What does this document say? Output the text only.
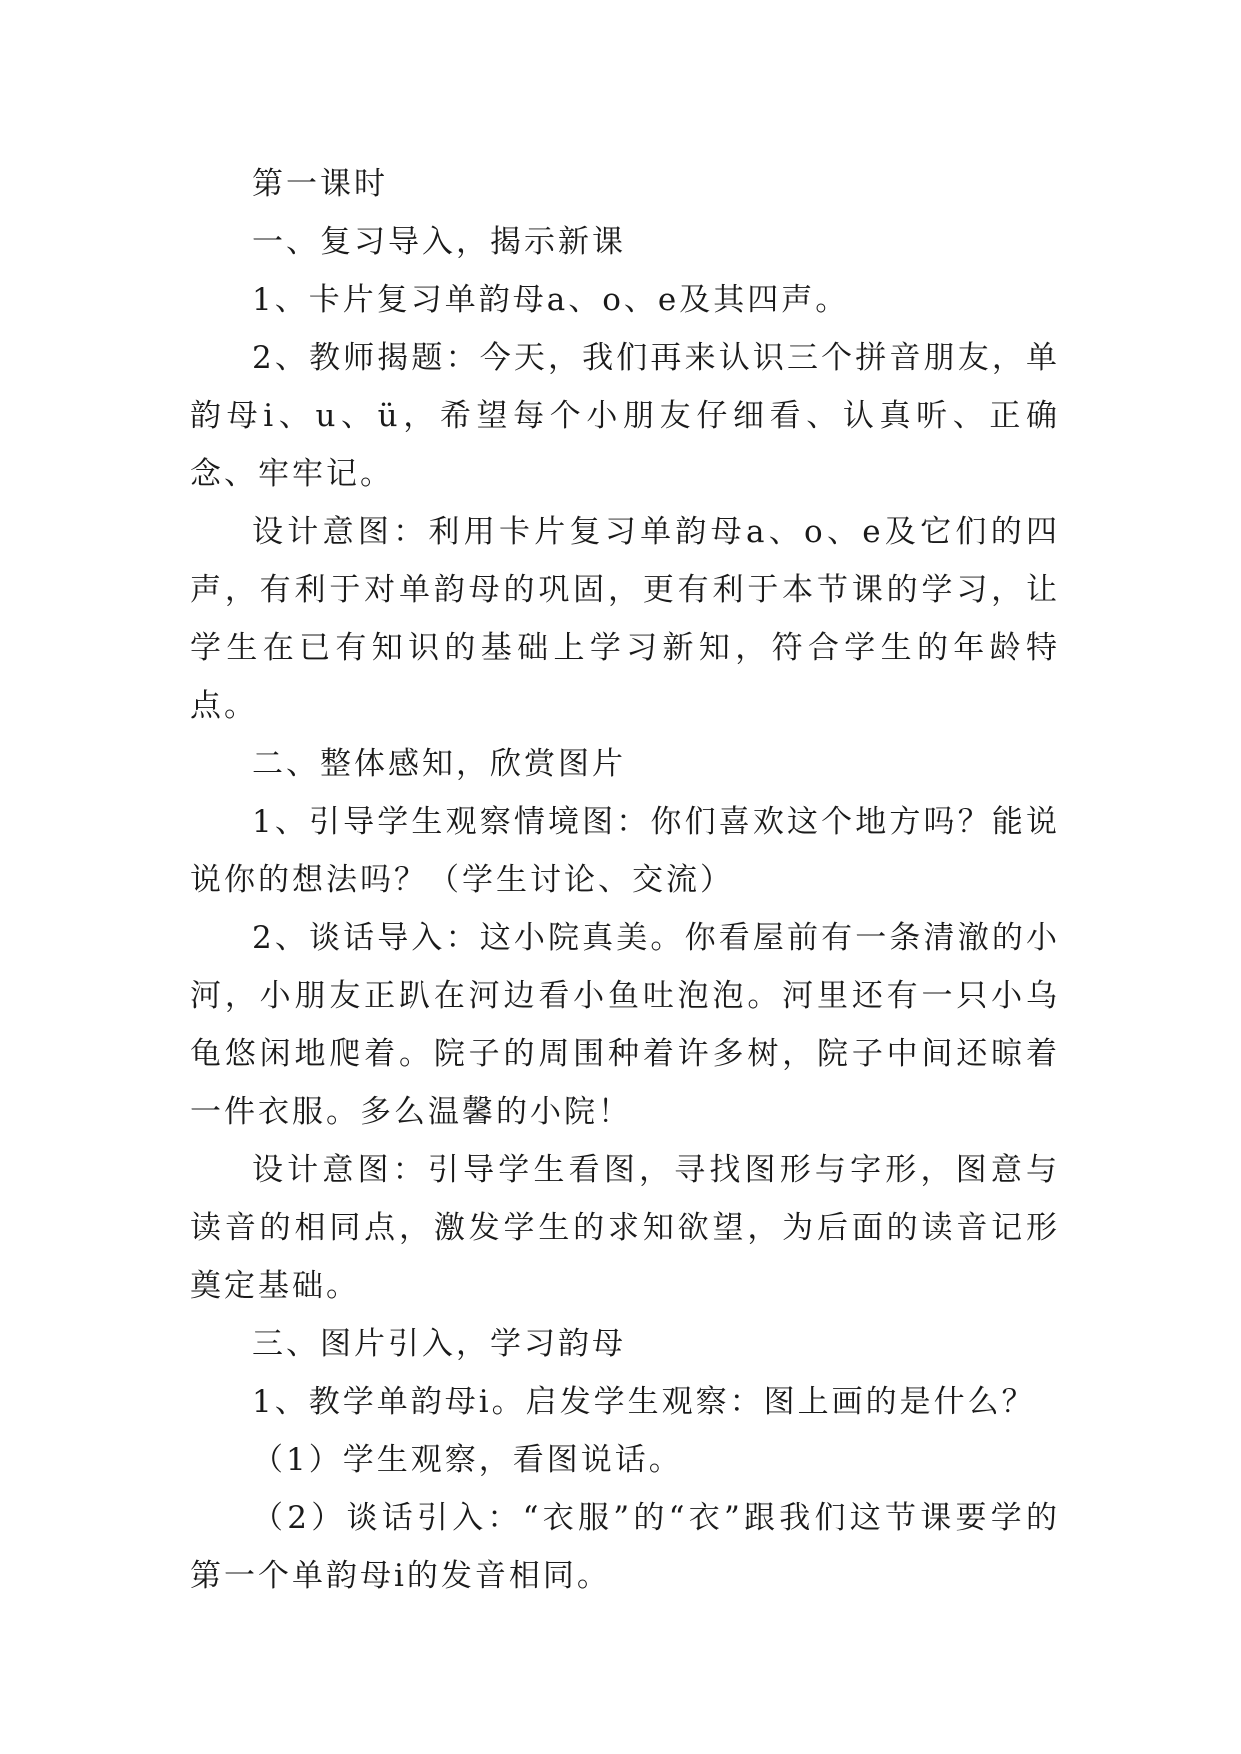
第一课时

一、复习导入，揭示新课

1、卡片复习单韵母a、o、e及其四声。

2、教师揭题：今天，我们再来认识三个拼音朋友，单韵母i、u、ü，希望每个小朋友仔细看、认真听、正确念、牢牢记。

设计意图：利用卡片复习单韵母a、o、e及它们的四声，有利于对单韵母的巩固，更有利于本节课的学习，让学生在已有知识的基础上学习新知，符合学生的年龄特点。

二、整体感知，欣赏图片

1、引导学生观察情境图：你们喜欢这个地方吗？能说说你的想法吗？（学生讨论、交流）

2、谈话导入：这小院真美。你看屋前有一条清澈的小河，小朋友正趴在河边看小鱼吐泡泡。河里还有一只小乌龟悠闲地爬着。院子的周围种着许多树，院子中间还晾着一件衣服。多么温馨的小院！

设计意图：引导学生看图，寻找图形与字形，图意与读音的相同点，激发学生的求知欲望，为后面的读音记形奠定基础。

三、图片引入，学习韵母

1、教学单韵母i。启发学生观察：图上画的是什么？

（1）学生观察，看图说话。

（2）谈话引入：“衣服”的“衣”跟我们这节课要学的第一个单韵母i的发音相同。
